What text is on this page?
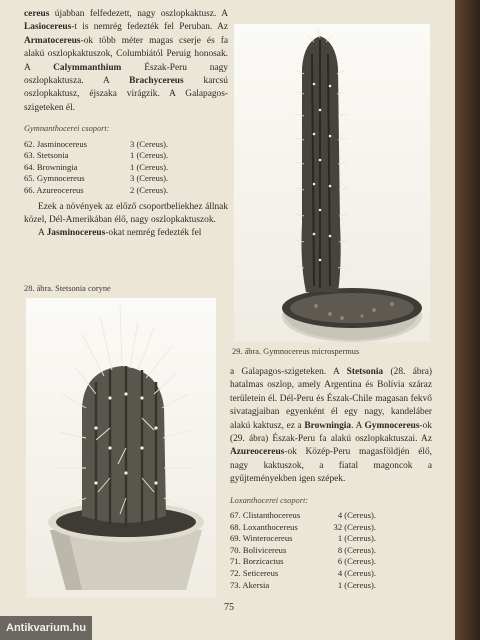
cereus újabban felfedezett, nagy oszlopkaktusz. A Lasiocereus-t is nemrég fedezték fel Peruban. Az Armatocereus-ok több méter magas cserje és fa alakú oszlopkaktuszok, Columbiától Peruig honosak. A Calymmanthium Észak-Peru nagy oszlopkaktusza. A Brachycereus karcsú oszlopkaktusz, éjszaka virágzik. A Galapagos-szigeteken él.

Gymnanthocerei csoport:
62. Jasminocereus	3 (Cereus).
63. Stetsonia	1 (Cereus).
64. Browningia	1 (Cereus).
65. Gymnocereus	3 (Cereus).
66. Azureocereus	2 (Cereus).

Ezek a növények az előző csoportbeliekhez állnak közel, Dél-Amerikában élő, nagy oszlopkaktuszok.

A Jasminocereus-okat nemrég fedezték fel

29. ábra. Gymnocereus microspermus
28. ábra. Stetsonia coryne

a Galapagos-szigeteken. A Stetsonia (28. ábra) hatalmas oszlop, amely Argentina és Bolívia száraz területein él. Dél-Peru és Észak-Chile magasan fekvő sivatagjaiban egyenként él egy nagy, kandeláber alakú kaktusz, ez a Browningia. A Gymnocereus-ok (29. ábra) Észak-Peru fa alakú oszlopkaktuszai. Az Azureocereus-ok Közép-Peru magasföldjén élő, nagy kaktuszok, a fiatal magoncok a gyűjteményekben igen szépek.

Loxanthocerei csoport:
67. Clistanthocereus	4 (Cereus).
68. Loxanthocereus	32 (Cereus).
69. Winterocereus	1 (Cereus).
70. Bolivicereus	8 (Cereus).
71. Borzicactus	6 (Cereus).
72. Seticereus	4 (Cereus).
73. Akersia	1 (Cereus).
75
Antikvarium.hu
